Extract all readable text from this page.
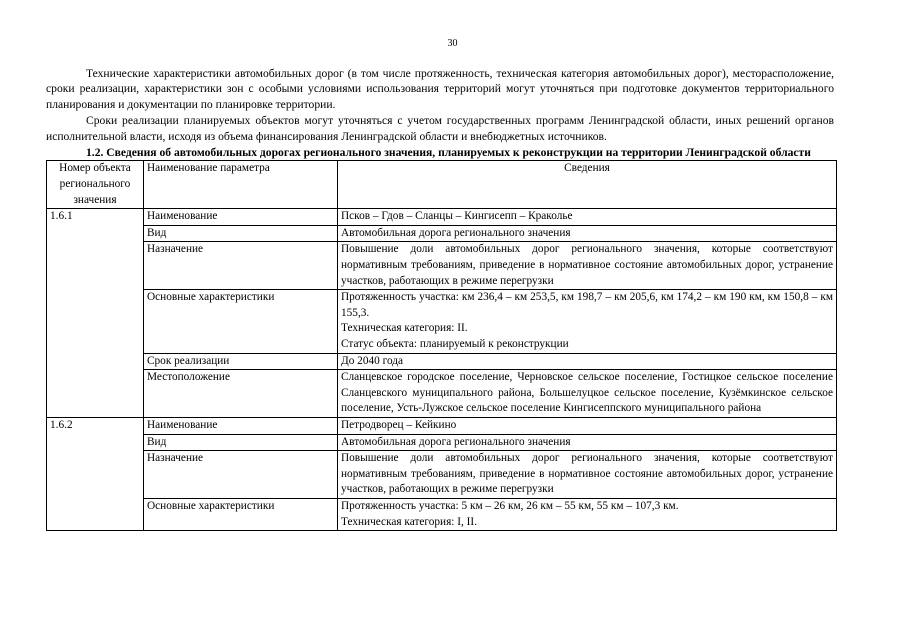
30

Технические характеристики автомобильных дорог (в том числе протяженность, техническая категория автомобильных дорог), месторасположение, сроки реализации, характеристики зон с особыми условиями использования территорий могут уточняться при подготовке документов территориального планирования и документации по планировке территории.

Сроки реализации планируемых объектов могут уточняться с учетом государственных программ Ленинградской области, иных решений органов исполнительной власти, исходя из объема финансирования Ленинградской области и внебюджетных источников.

1.2. Сведения об автомобильных дорогах регионального значения, планируемых к реконструкции на территории Ленинградской области

Номер объекта регионального значения	Наименование параметра	Сведения
1.6.1	Наименование	Псков – Гдов – Сланцы – Кингисепп – Краколье

	Вид	Автомобильная дорога регионального значения

	Назначение	Повышение доли автомобильных дорог регионального значения, которые соответствуют нормативным требованиям, приведение в нормативное состояние автомобильных дорог, устранение участков, работающих в режиме перегрузки

	Основные характеристики	Протяженность участка: км 236,4 – км 253,5, км 198,7 – км 205,6, км 174,2 – км 190 км, км 150,8 – км 155,3.
Техническая категория: II.
Статус объекта: планируемый к реконструкции

	Срок реализации	До 2040 года

	Местоположение	Сланцевское городское поселение, Черновское сельское поселение, Гостицкое сельское поселение Сланцевского муниципального района, Большелуцкое сельское поселение, Кузёмкинское сельское поселение, Усть-Лужское сельское поселение Кингисеппского муниципального района

1.6.2	Наименование	Петродворец – Кейкино

	Вид	Автомобильная дорога регионального значения

	Назначение	Повышение доли автомобильных дорог регионального значения, которые соответствуют нормативным требованиям, приведение в нормативное состояние автомобильных дорог, устранение участков, работающих в режиме перегрузки

	Основные характеристики	Протяженность участка: 5 км – 26 км, 26 км – 55 км, 55 км – 107,3 км.
Техническая категория: I, II.
